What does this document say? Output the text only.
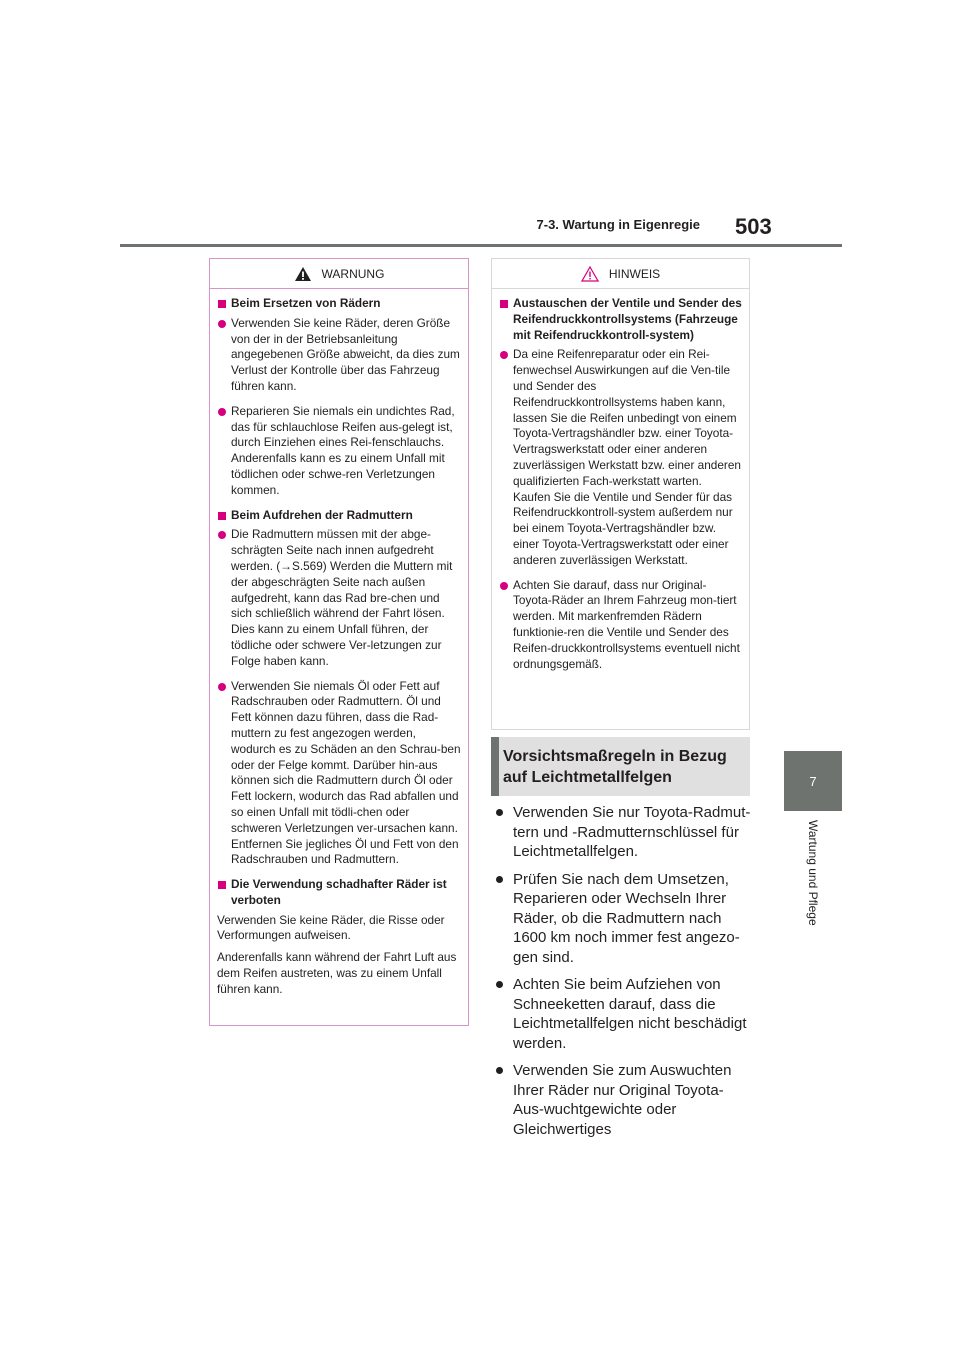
7-3. Wartung in Eigenregie 503
7
Wartung und Pflege
WARNUNG
Beim Ersetzen von Rädern
Verwenden Sie keine Räder, deren Größe von der in der Betriebsanleitung angegebenen Größe abweicht, da dies zum Verlust der Kontrolle über das Fahrzeug führen kann.
Reparieren Sie niemals ein undichtes Rad, das für schlauchlose Reifen aus-gelegt ist, durch Einziehen eines Rei-fenschlauchs. Anderenfalls kann es zu einem Unfall mit tödlichen oder schwe-ren Verletzungen kommen.
Beim Aufdrehen der Radmuttern
Die Radmuttern müssen mit der abge-schrägten Seite nach innen aufgedreht werden. (→S.569) Werden die Muttern mit der abgeschrägten Seite nach außen aufgedreht, kann das Rad bre-chen und sich schließlich während der Fahrt lösen. Dies kann zu einem Unfall führen, der tödliche oder schwere Ver-letzungen zur Folge haben kann.
Verwenden Sie niemals Öl oder Fett auf Radschrauben oder Radmuttern. Öl und Fett können dazu führen, dass die Rad-muttern zu fest angezogen werden, wodurch es zu Schäden an den Schrau-ben oder der Felge kommt. Darüber hin-aus können sich die Radmuttern durch Öl oder Fett lockern, wodurch das Rad abfallen und so einen Unfall mit tödli-chen oder schweren Verletzungen ver-ursachen kann. Entfernen Sie jegliches Öl und Fett von den Radschrauben und Radmuttern.
Die Verwendung schadhafter Räder ist verboten
Verwenden Sie keine Räder, die Risse oder Verformungen aufweisen.
Anderenfalls kann während der Fahrt Luft aus dem Reifen austreten, was zu einem Unfall führen kann.
HINWEIS
Austauschen der Ventile und Sender des Reifendruckkontrollsystems (Fahrzeuge mit Reifendruckkontroll-system)
Da eine Reifenreparatur oder ein Rei-fenwechsel Auswirkungen auf die Ven-tile und Sender des Reifendruckkontrollsystems haben kann, lassen Sie die Reifen unbedingt von einem Toyota-Vertragshändler bzw. einer Toyota-Vertragswerkstatt oder einer anderen zuverlässigen Werkstatt bzw. einer anderen qualifizierten Fach-werkstatt warten. Kaufen Sie die Ventile und Sender für das Reifendruckkontroll-system außerdem nur bei einem Toyota-Vertragshändler bzw. einer Toyota-Vertragswerkstatt oder einer anderen zuverlässigen Werkstatt.
Achten Sie darauf, dass nur Original-Toyota-Räder an Ihrem Fahrzeug mon-tiert werden. Mit markenfremden Rädern funktionie-ren die Ventile und Sender des Reifen-druckkontrollsystems eventuell nicht ordnungsgemäß.
Vorsichtsmaßregeln in Bezug auf Leichtmetallfelgen
Verwenden Sie nur Toyota-Radmut-tern und -Radmutternschlüssel für Leichtmetallfelgen.
Prüfen Sie nach dem Umsetzen, Reparieren oder Wechseln Ihrer Räder, ob die Radmuttern nach 1600 km noch immer fest angezo-gen sind.
Achten Sie beim Aufziehen von Schneeketten darauf, dass die Leichtmetallfelgen nicht beschädigt werden.
Verwenden Sie zum Auswuchten Ihrer Räder nur Original Toyota-Aus-wuchtgewichte oder Gleichwertiges
